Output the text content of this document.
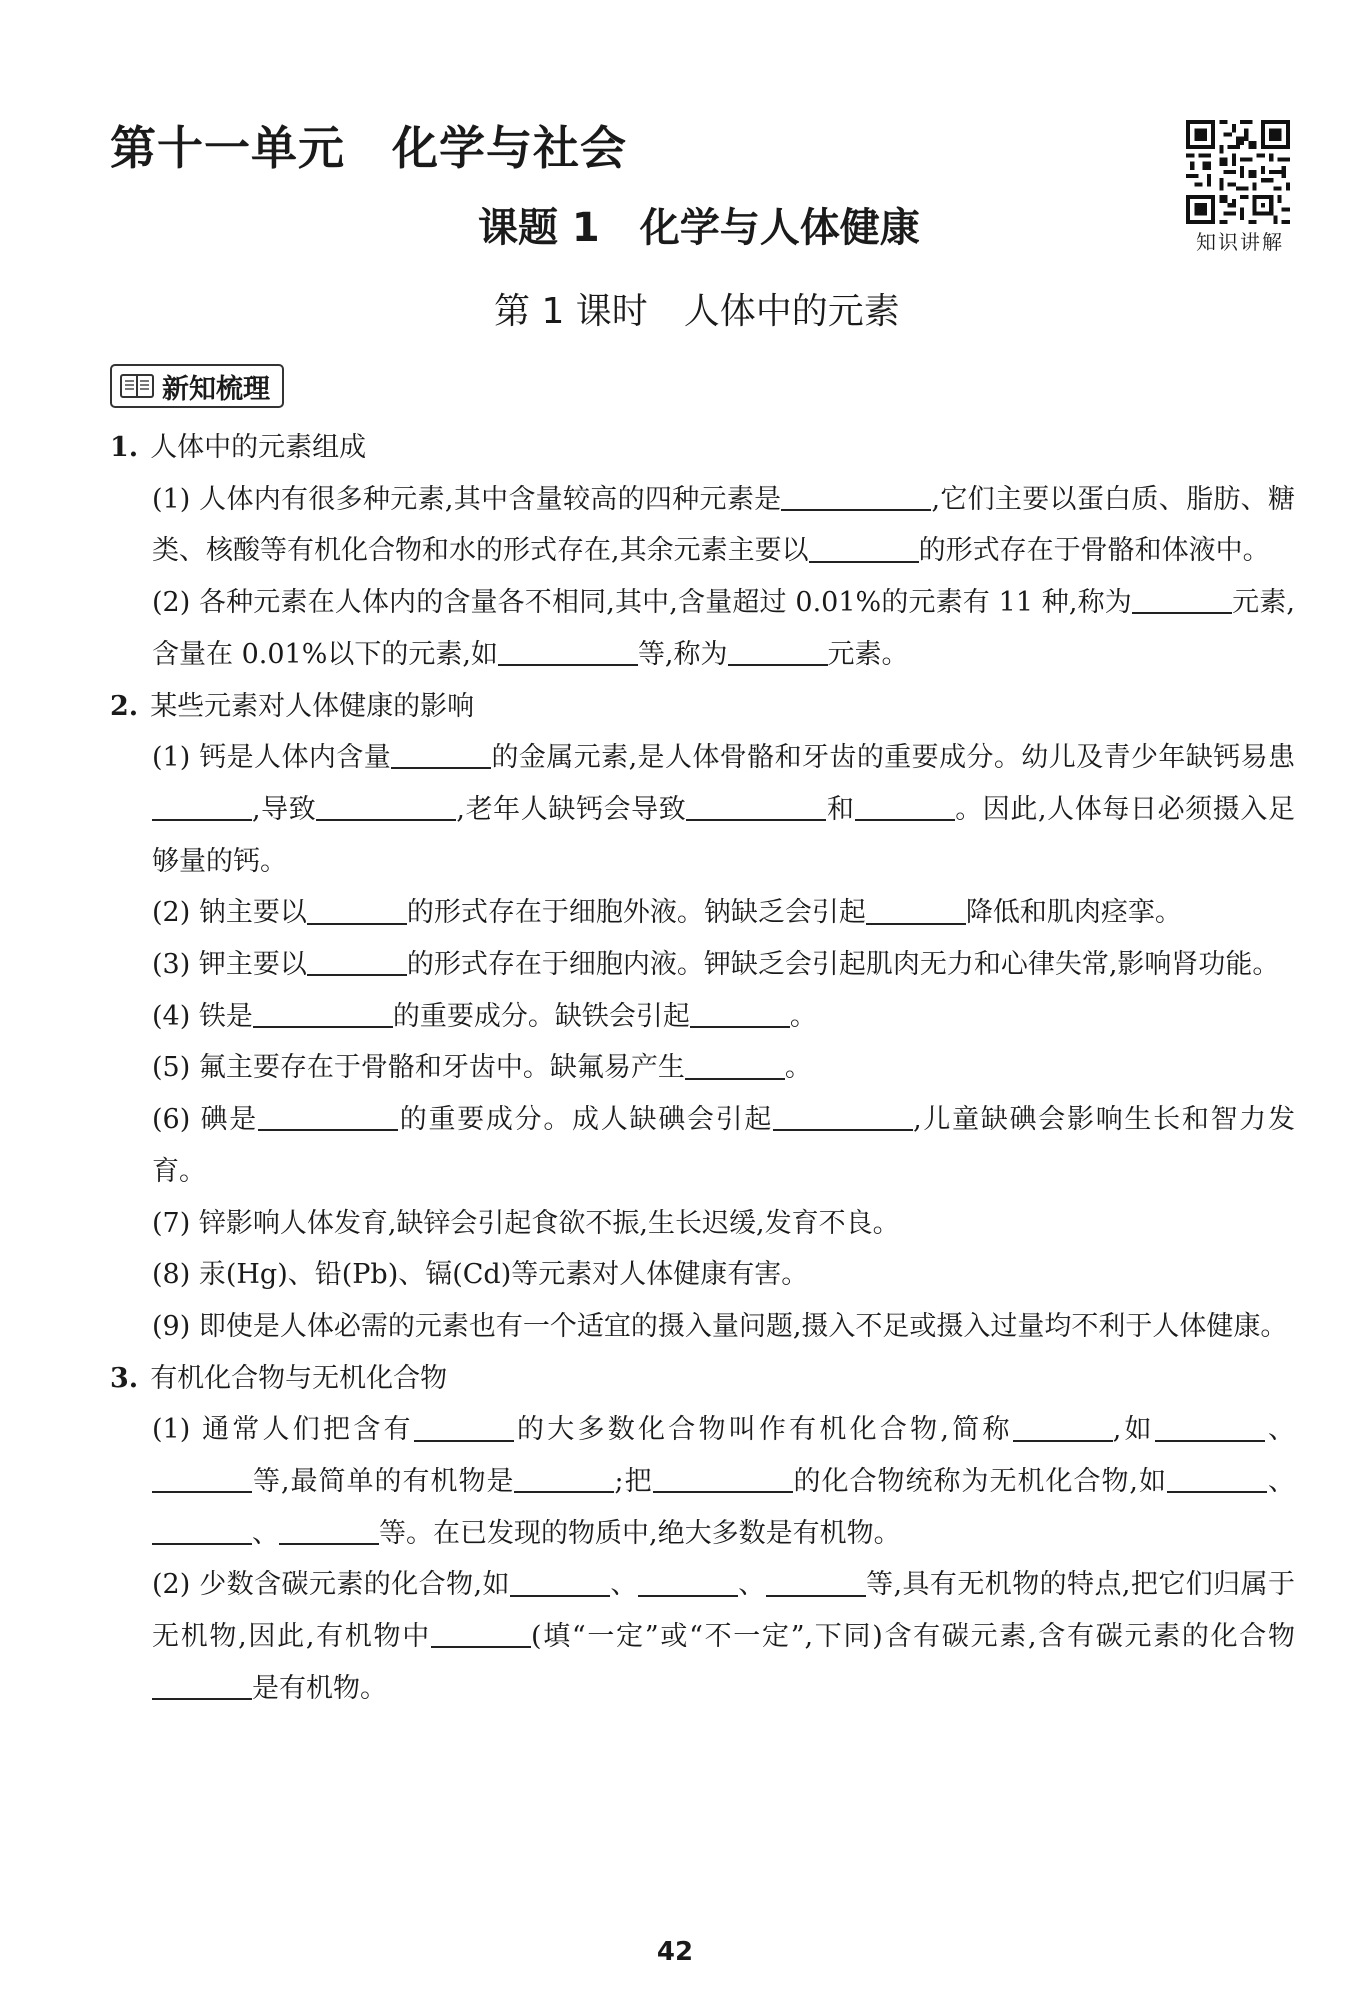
第十一单元　化学与社会
课题 1　化学与人体健康
第 1 课时　人体中的元素
知识讲解
新知梳理
1. 人体中的元素组成
(1) 人体内有很多种元素,其中含量较高的四种元素是	,它们主要以蛋白质、脂肪、糖类、核酸等有机化合物和水的形式存在,其余元素主要以	的形式存在于骨骼和体液中。
(2) 各种元素在人体内的含量各不相同,其中,含量超过 0.01%的元素有 11 种,称为	元素,含量在 0.01%以下的元素,如	等,称为	元素。
2. 某些元素对人体健康的影响
(1) 钙是人体内含量	的金属元素,是人体骨骼和牙齿的重要成分。幼儿及青少年缺钙易患,导致	,老年人缺钙会导致	和	。因此,人体每日必须摄入足够量的钙。
(2) 钠主要以	的形式存在于细胞外液。钠缺乏会引起	降低和肌肉痉挛。
(3) 钾主要以	的形式存在于细胞内液。钾缺乏会引起肌肉无力和心律失常,影响肾功能。
(4) 铁是	的重要成分。缺铁会引起	。
(5) 氟主要存在于骨骼和牙齿中。缺氟易产生	。
(6) 碘是	的重要成分。成人缺碘会引起	,儿童缺碘会影响生长和智力发育。
(7) 锌影响人体发育,缺锌会引起食欲不振,生长迟缓,发育不良。
(8) 汞(Hg)、铅(Pb)、镉(Cd)等元素对人体健康有害。
(9) 即使是人体必需的元素也有一个适宜的摄入量问题,摄入不足或摄入过量均不利于人体健康。
3. 有机化合物与无机化合物
(1) 通常人们把含有	的大多数化合物叫作有机化合物,简称	,如	、等,最简单的有机物是	;把	的化合物统称为无机化合物,如	、、	等。在已发现的物质中,绝大多数是有机物。
(2) 少数含碳元素的化合物,如	、	、	等,具有无机物的特点,把它们归属于无机物,因此,有机物中	(填“一定”或“不一定”,下同)含有碳元素,含有碳元素的化合物是有机物。
42
